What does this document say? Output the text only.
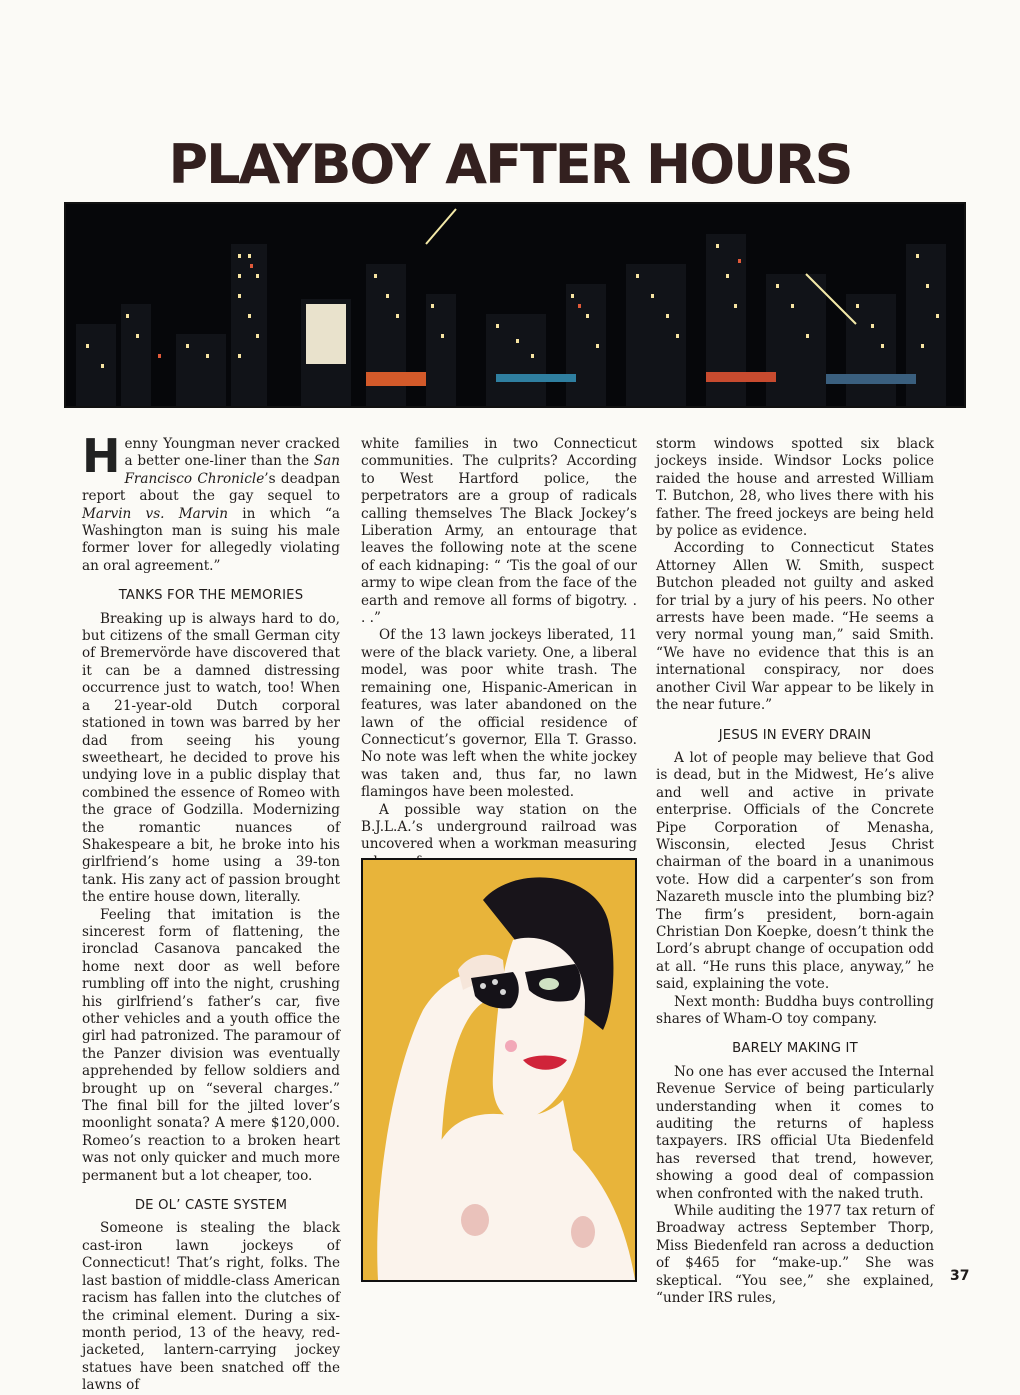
PLAYBOY AFTER HOURS

Henny Youngman never cracked a better one-liner than the San Francisco Chronicle’s deadpan report about the gay sequel to Marvin vs. Marvin in which “a Washington man is suing his male former lover for allegedly violating an oral agreement.”

TANKS FOR THE MEMORIES

Breaking up is always hard to do, but citizens of the small German city of Bremervörde have discovered that it can be a damned distressing occurrence just to watch, too! When a 21-year-old Dutch corporal stationed in town was barred by her dad from seeing his young sweetheart, he decided to prove his undying love in a public display that combined the essence of Romeo with the grace of Godzilla. Modernizing the romantic nuances of Shakespeare a bit, he broke into his girlfriend’s home using a 39-ton tank. His zany act of passion brought the entire house down, literally.

Feeling that imitation is the sincerest form of flattening, the ironclad Casanova pancaked the home next door as well before rumbling off into the night, crushing his girlfriend’s father’s car, five other vehicles and a youth office the girl had patronized. The paramour of the Panzer division was eventually apprehended by fellow soldiers and brought up on “several charges.” The final bill for the jilted lover’s moonlight sonata? A mere $120,000. Romeo’s reaction to a broken heart was not only quicker and much more permanent but a lot cheaper, too.

DE OL’ CASTE SYSTEM

Someone is stealing the black cast-iron lawn jockeys of Connecticut! That’s right, folks. The last bastion of middle-class American racism has fallen into the clutches of the criminal element. During a six-month period, 13 of the heavy, red-jacketed, lantern-carrying jockey statues have been snatched off the lawns of

white families in two Connecticut communities. The culprits? According to West Hartford police, the perpetrators are a group of radicals calling themselves The Black Jockey’s Liberation Army, an entourage that leaves the following note at the scene of each kidnaping: “ ‘Tis the goal of our army to wipe clean from the face of the earth and remove all forms of bigotry. . . .”

Of the 13 lawn jockeys liberated, 11 were of the black variety. One, a liberal model, was poor white trash. The remaining one, Hispanic-American in features, was later abandoned on the lawn of the official residence of Connecticut’s governor, Ella T. Grasso. No note was left when the white jockey was taken and, thus far, no lawn flamingos have been molested.

A possible way station on the B.J.L.A.’s underground railroad was uncovered when a workman measuring

storm windows spotted six black jockeys inside. Windsor Locks police raided the house and arrested William T. Butchon, 28, who lives there with his father. The freed jockeys are being held by police as evidence.

According to Connecticut States Attorney Allen W. Smith, suspect Butchon pleaded not guilty and asked for trial by a jury of his peers. No other arrests have been made. “He seems a very normal young man,” said Smith. “We have no evidence that this is an international conspiracy, nor does another Civil War appear to be likely in the near future.”

JESUS IN EVERY DRAIN

A lot of people may believe that God is dead, but in the Midwest, He’s alive and well and active in private enterprise. Officials of the Concrete Pipe Corporation of Menasha, Wisconsin, elected Jesus Christ chairman of the board in a unanimous vote. How did a carpenter’s son from Nazareth muscle into the plumbing biz? The firm’s president, born-again Christian Don Koepke, doesn’t think the Lord’s abrupt change of occupation odd at all. “He runs this place, anyway,” he said, explaining the vote.

Next month: Buddha buys controlling shares of Wham-O toy company.

BARELY MAKING IT

No one has ever accused the Internal Revenue Service of being particularly understanding when it comes to auditing the returns of hapless taxpayers. IRS official Uta Biedenfeld has reversed that trend, however, showing a good deal of compassion when confronted with the naked truth.

While auditing the 1977 tax return of Broadway actress September Thorp, Miss Biedenfeld ran across a deduction of $465 for “make-up.” She was skeptical. “You see,” she explained, “under IRS rules,

37
